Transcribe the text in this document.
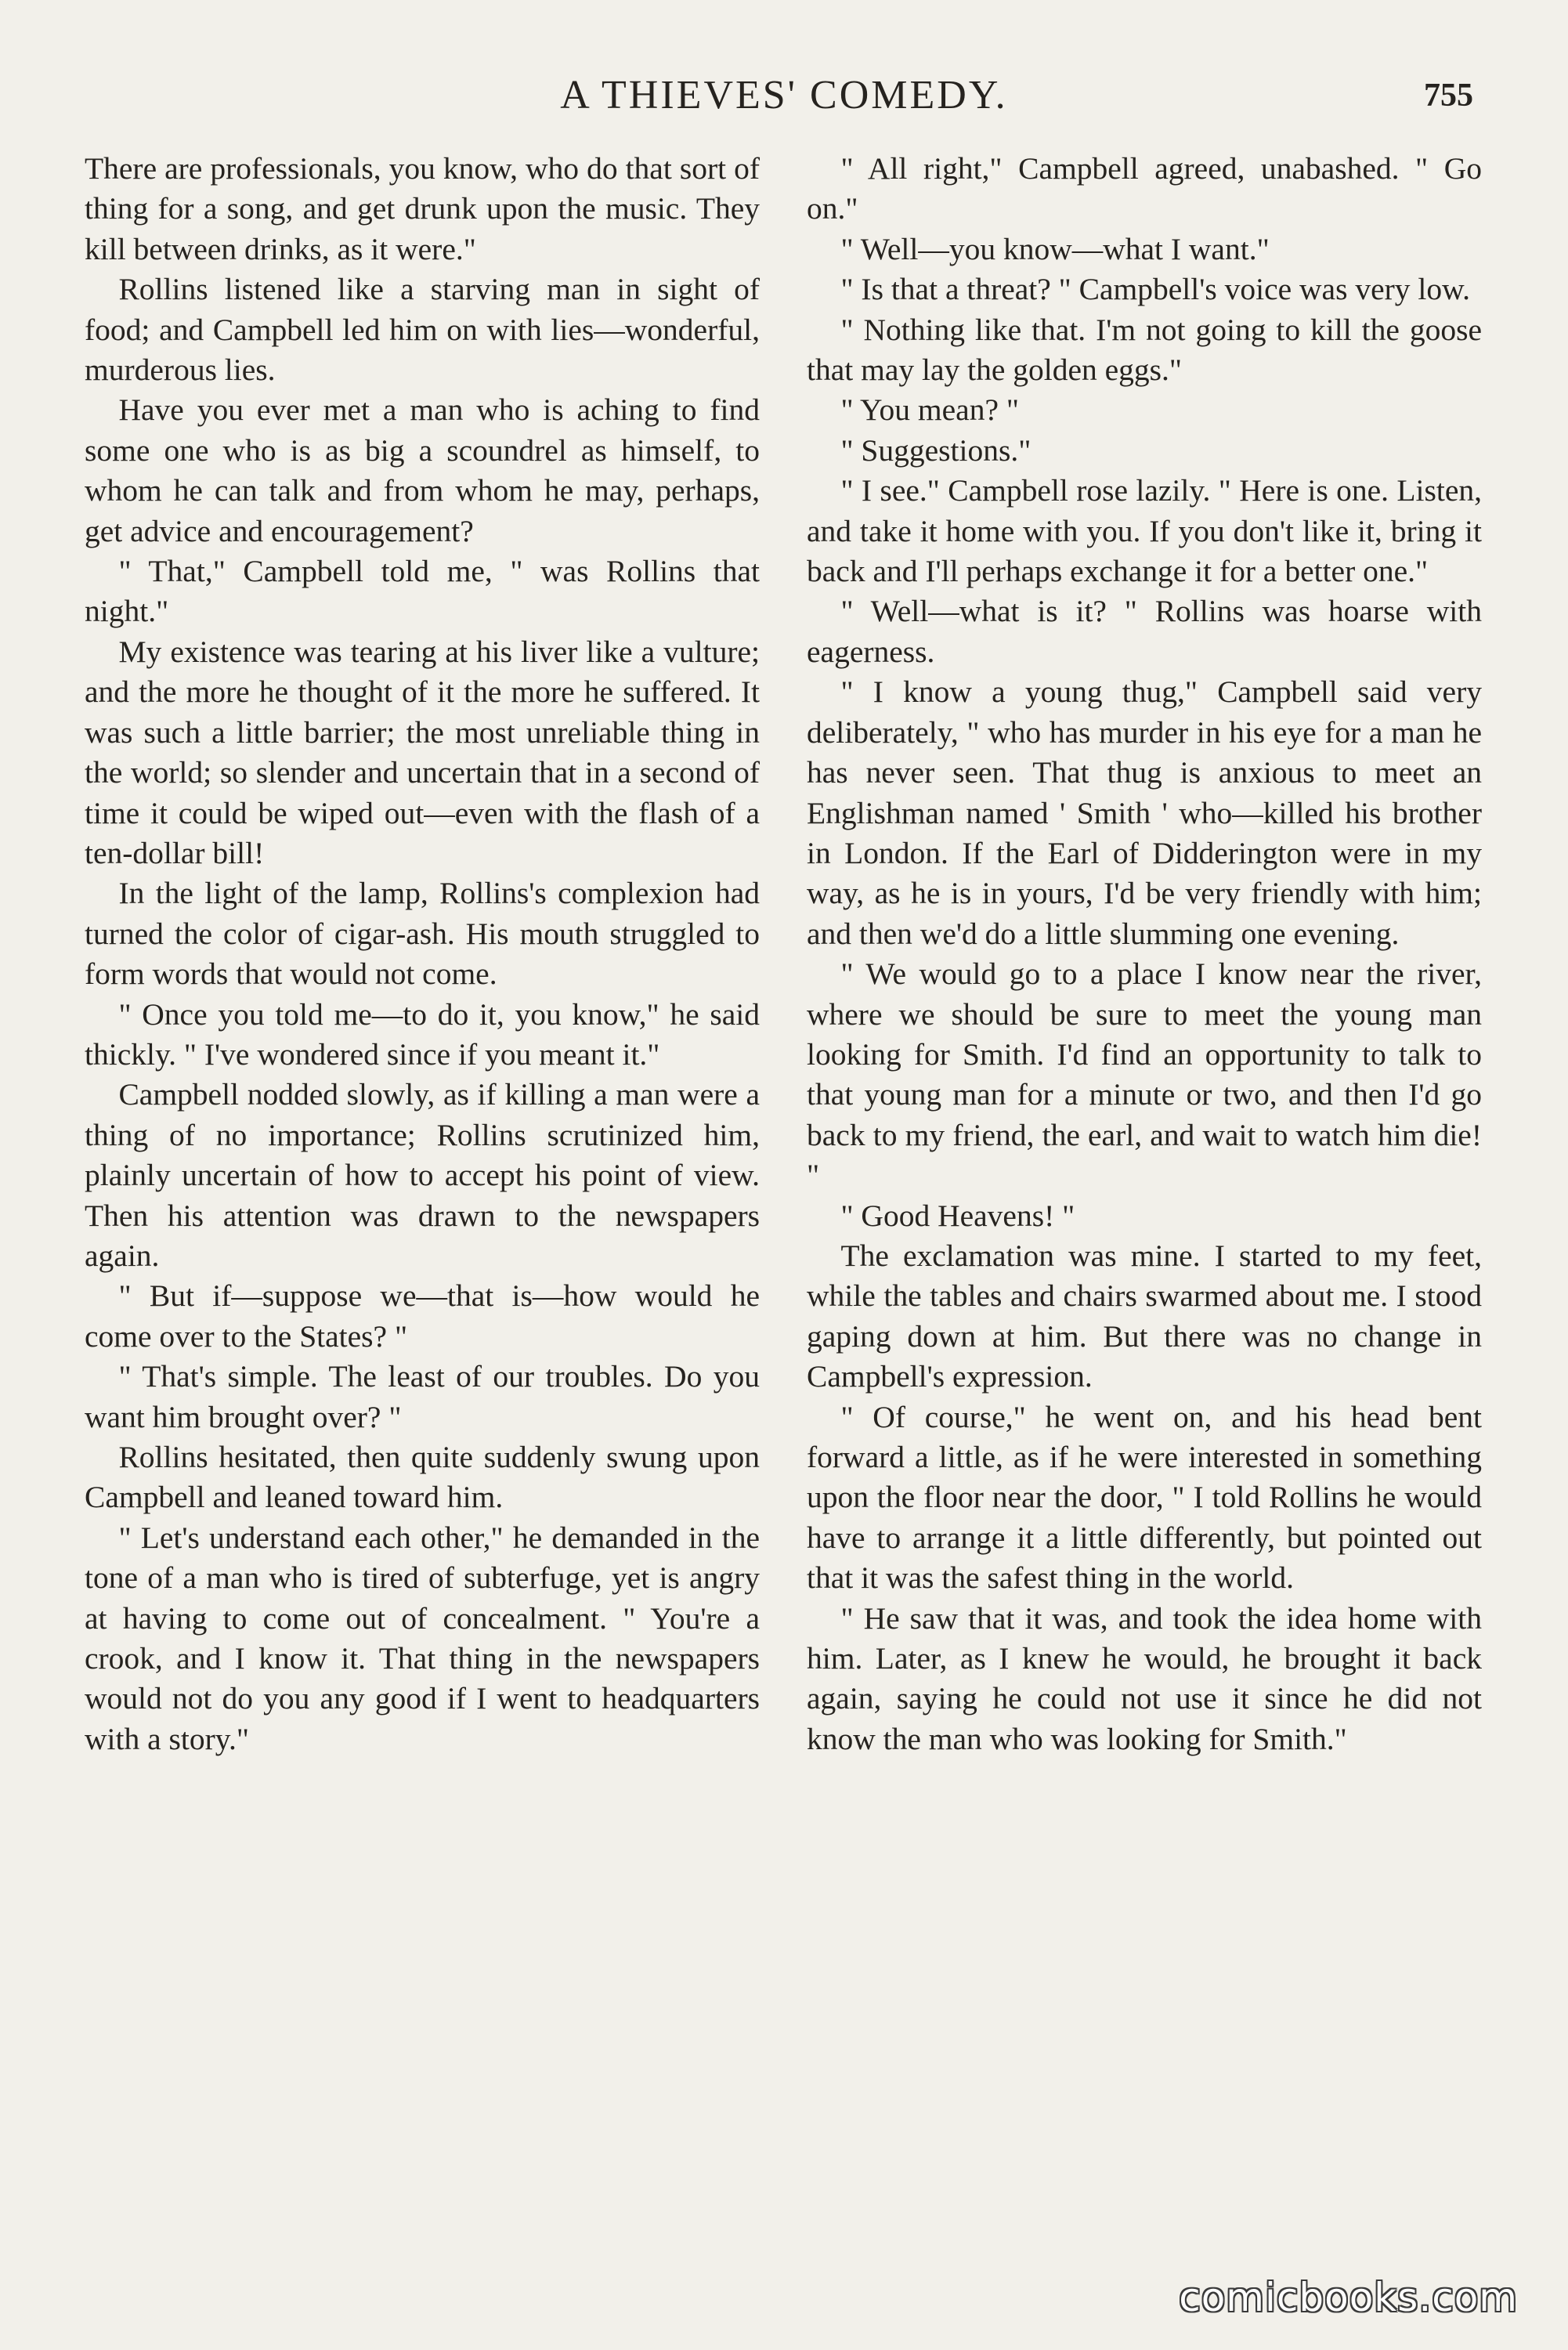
A THIEVES' COMEDY.	755

There are professionals, you know, who do that sort of thing for a song, and get drunk upon the music. They kill between drinks, as it were."

Rollins listened like a starving man in sight of food; and Campbell led him on with lies—wonderful, murderous lies.

Have you ever met a man who is aching to find some one who is as big a scoundrel as himself, to whom he can talk and from whom he may, perhaps, get advice and encouragement?

" That," Campbell told me, " was Rollins that night."

My existence was tearing at his liver like a vulture; and the more he thought of it the more he suffered. It was such a little barrier; the most unreliable thing in the world; so slender and uncertain that in a second of time it could be wiped out—even with the flash of a ten-dollar bill!

In the light of the lamp, Rollins's complexion had turned the color of cigar-ash. His mouth struggled to form words that would not come.

" Once you told me—to do it, you know," he said thickly. " I've wondered since if you meant it."

Campbell nodded slowly, as if killing a man were a thing of no importance; Rollins scrutinized him, plainly uncertain of how to accept his point of view. Then his attention was drawn to the newspapers again.

" But if—suppose we—that is—how would he come over to the States? "

" That's simple. The least of our troubles. Do you want him brought over? "

Rollins hesitated, then quite suddenly swung upon Campbell and leaned toward him.

" Let's understand each other," he demanded in the tone of a man who is tired of subterfuge, yet is angry at having to come out of concealment. " You're a crook, and I know it. That thing in the newspapers would not do you any good if I went to headquarters with a story."

" All right," Campbell agreed, unabashed. " Go on."

" Well—you know—what I want."

" Is that a threat? " Campbell's voice was very low.

" Nothing like that. I'm not going to kill the goose that may lay the golden eggs."

" You mean? "

" Suggestions."

" I see." Campbell rose lazily. " Here is one. Listen, and take it home with you. If you don't like it, bring it back and I'll perhaps exchange it for a better one."

" Well—what is it? " Rollins was hoarse with eagerness.

" I know a young thug," Campbell said very deliberately, " who has murder in his eye for a man he has never seen. That thug is anxious to meet an Englishman named ' Smith ' who—killed his brother in London. If the Earl of Didderington were in my way, as he is in yours, I'd be very friendly with him; and then we'd do a little slumming one evening.

" We would go to a place I know near the river, where we should be sure to meet the young man looking for Smith. I'd find an opportunity to talk to that young man for a minute or two, and then I'd go back to my friend, the earl, and wait to watch him die! "

" Good Heavens! "

The exclamation was mine. I started to my feet, while the tables and chairs swarmed about me. I stood gaping down at him. But there was no change in Campbell's expression.

" Of course," he went on, and his head bent forward a little, as if he were interested in something upon the floor near the door, " I told Rollins he would have to arrange it a little differently, but pointed out that it was the safest thing in the world.

" He saw that it was, and took the idea home with him. Later, as I knew he would, he brought it back again, saying he could not use it since he did not know the man who was looking for Smith."

comicbooks.com
